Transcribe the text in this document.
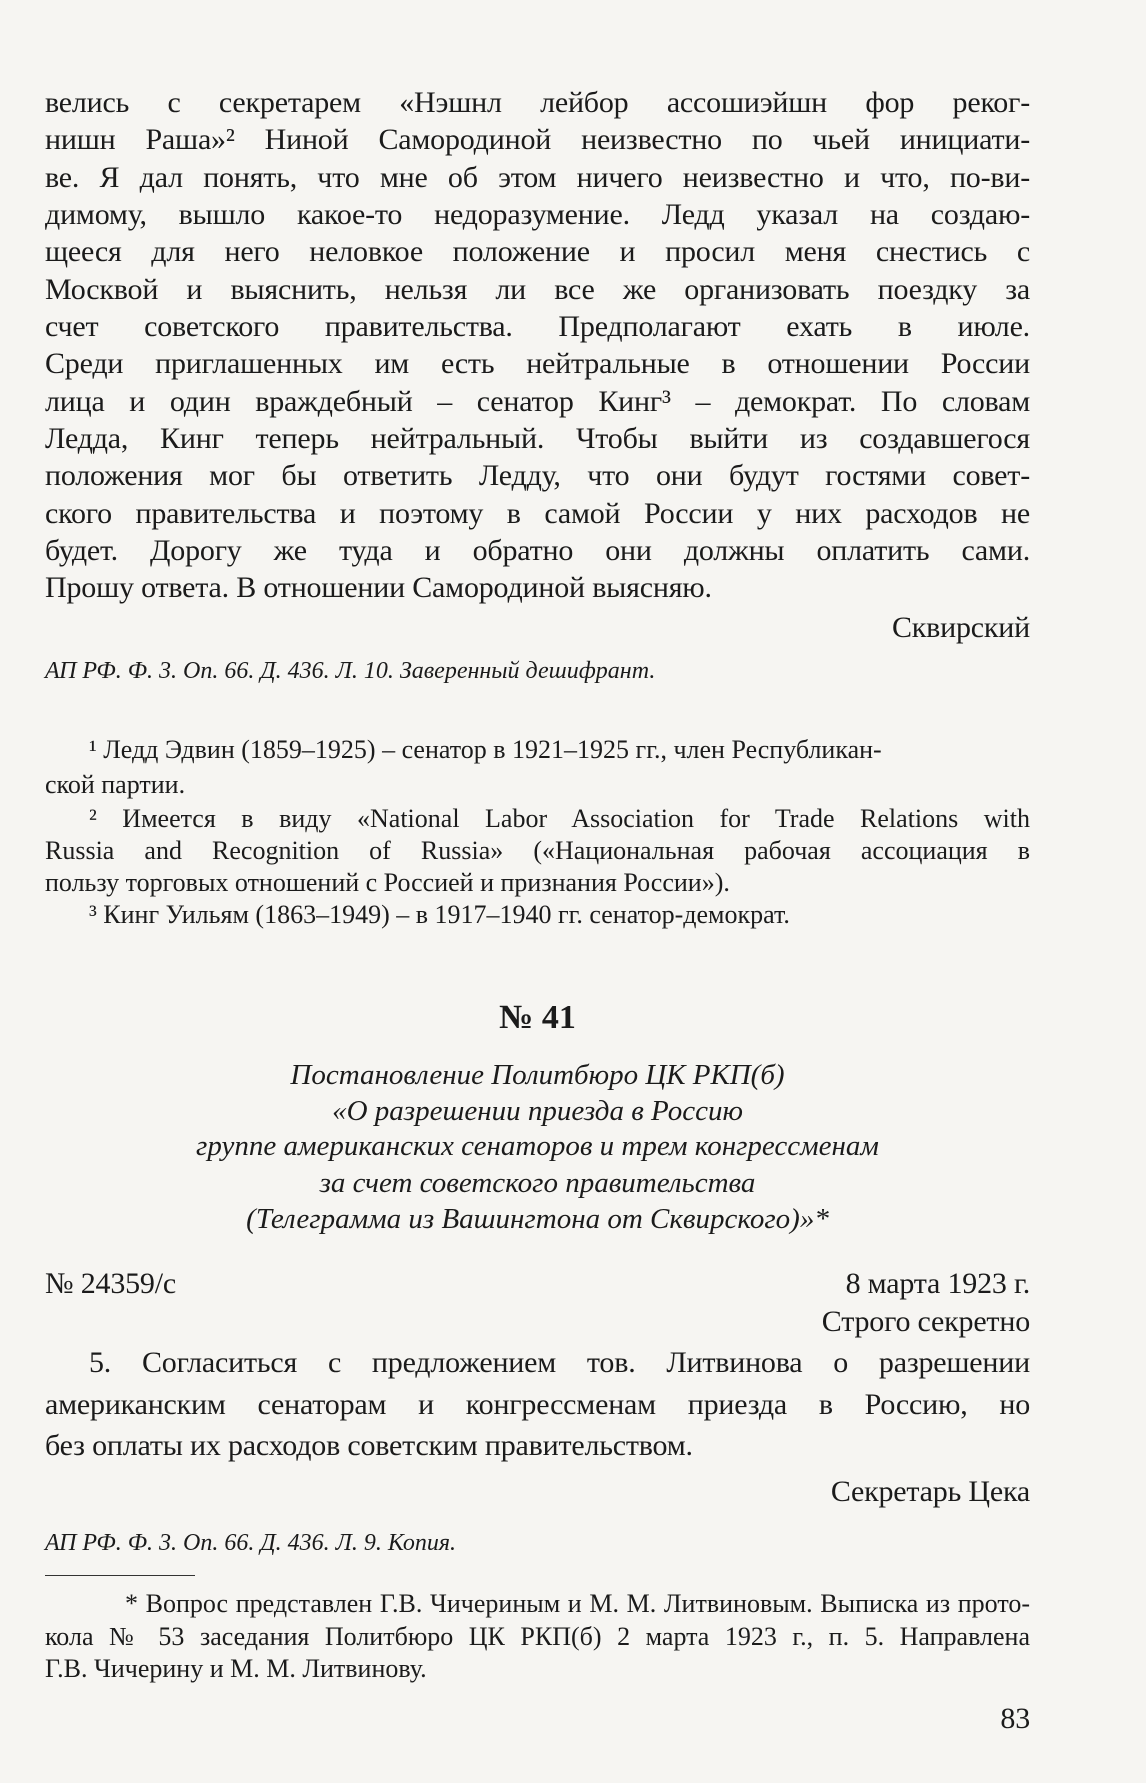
велись с секретарем «Нэшнл лейбор ассошиэйшн фор реког-
нишн Раша»² Ниной Самородиной неизвестно по чьей инициати-
ве. Я дал понять, что мне об этом ничего неизвестно и что, по-ви-
димому, вышло какое-то недоразумение. Ледд указал на создаю-
щееся для него неловкое положение и просил меня снестись с
Москвой и выяснить, нельзя ли все же организовать поездку за
счет советского правительства. Предполагают ехать в июле.
Среди приглашенных им есть нейтральные в отношении России
лица и один враждебный – сенатор Кинг³ – демократ. По словам
Ледда, Кинг теперь нейтральный. Чтобы выйти из создавшегося
положения мог бы ответить Ледду, что они будут гостями совет-
ского правительства и поэтому в самой России у них расходов не
будет. Дорогу же туда и обратно они должны оплатить сами.
Прошу ответа. В отношении Самородиной выясняю.
Сквирский
АП РФ. Ф. 3. Оп. 66. Д. 436. Л. 10. Заверенный дешифрант.
¹ Ледд Эдвин (1859–1925) – сенатор в 1921–1925 гг., член Республикан-
ской партии.
² Имеется в виду «National Labor Association for Trade Relations with
Russia and Recognition of Russia» («Национальная рабочая ассоциация в
пользу торговых отношений с Россией и признания России»).
³ Кинг Уильям (1863–1949) – в 1917–1940 гг. сенатор-демократ.
№ 41
Постановление Политбюро ЦК РКП(б)
«О разрешении приезда в Россию
группе американских сенаторов и трем конгрессменам
за счет советского правительства
(Телеграмма из Вашингтона от Сквирского)»*
№ 24359/с	8 марта 1923 г.
Строго секретно
5. Согласиться с предложением тов. Литвинова о разрешении
американским сенаторам и конгрессменам приезда в Россию, но
без оплаты их расходов советским правительством.
Секретарь Цека
АП РФ. Ф. 3. Оп. 66. Д. 436. Л. 9. Копия.
* Вопрос представлен Г.В. Чичериным и М. М. Литвиновым. Выписка из прото-
кола № 53 заседания Политбюро ЦК РКП(б) 2 марта 1923 г., п. 5. Направлена
Г.В. Чичерину и М. М. Литвинову.
83
